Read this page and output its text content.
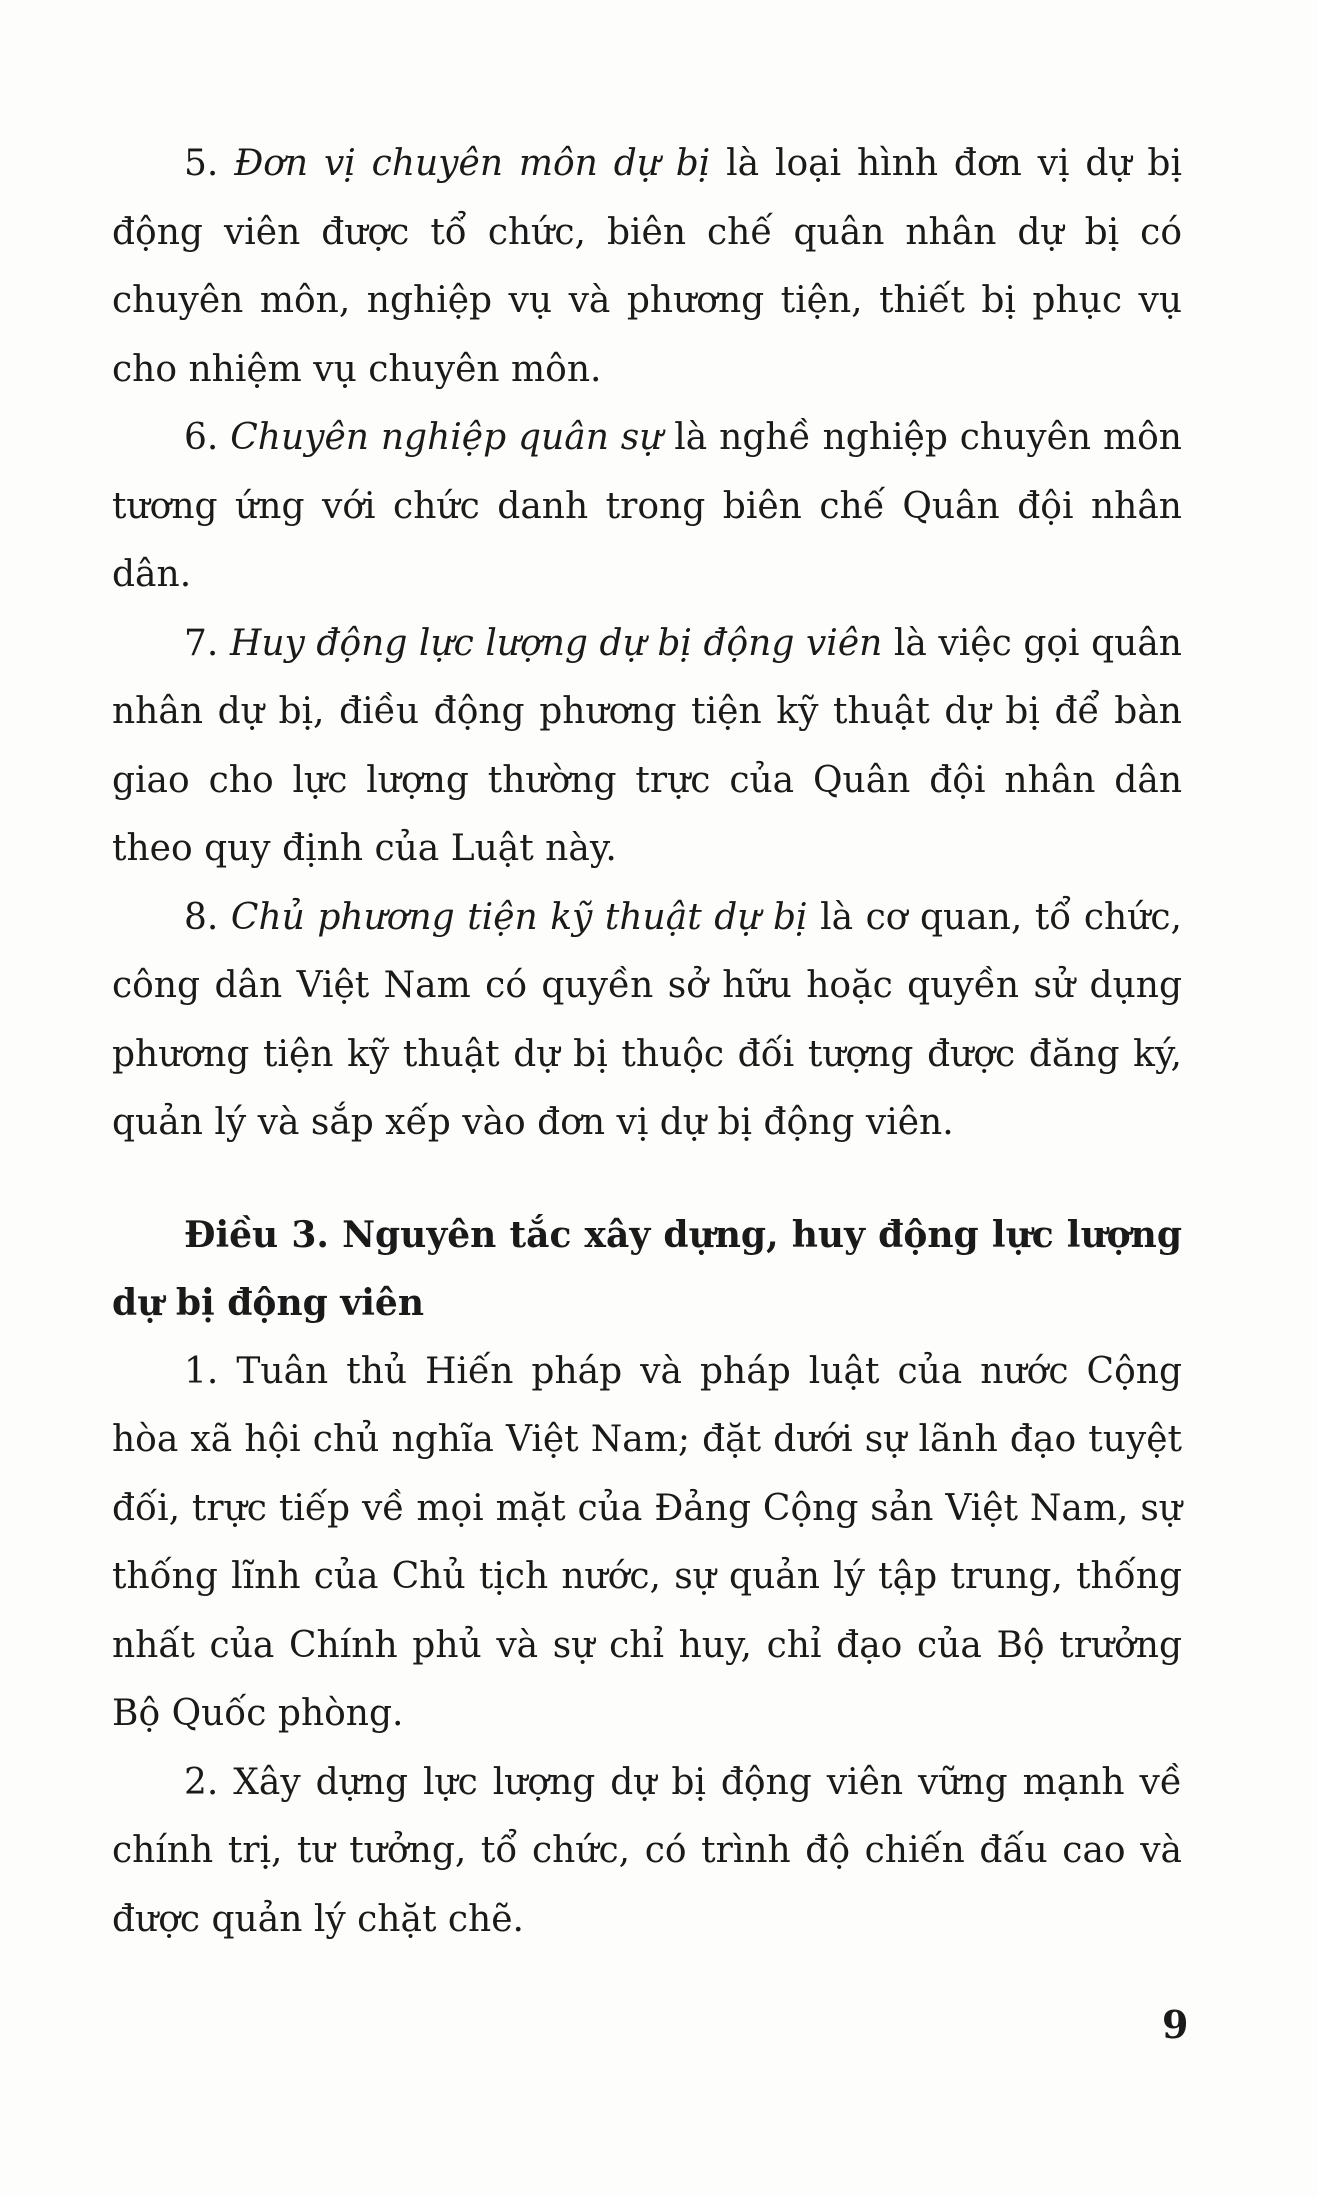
5. Đơn vị chuyên môn dự bị là loại hình đơn vị dự bị động viên được tổ chức, biên chế quân nhân dự bị có chuyên môn, nghiệp vụ và phương tiện, thiết bị phục vụ cho nhiệm vụ chuyên môn.

6. Chuyên nghiệp quân sự là nghề nghiệp chuyên môn tương ứng với chức danh trong biên chế Quân đội nhân dân.

7. Huy động lực lượng dự bị động viên là việc gọi quân nhân dự bị, điều động phương tiện kỹ thuật dự bị để bàn giao cho lực lượng thường trực của Quân đội nhân dân theo quy định của Luật này.

8. Chủ phương tiện kỹ thuật dự bị là cơ quan, tổ chức, công dân Việt Nam có quyền sở hữu hoặc quyền sử dụng phương tiện kỹ thuật dự bị thuộc đối tượng được đăng ký, quản lý và sắp xếp vào đơn vị dự bị động viên.

Điều 3. Nguyên tắc xây dựng, huy động lực lượng dự bị động viên

1. Tuân thủ Hiến pháp và pháp luật của nước Cộng hòa xã hội chủ nghĩa Việt Nam; đặt dưới sự lãnh đạo tuyệt đối, trực tiếp về mọi mặt của Đảng Cộng sản Việt Nam, sự thống lĩnh của Chủ tịch nước, sự quản lý tập trung, thống nhất của Chính phủ và sự chỉ huy, chỉ đạo của Bộ trưởng Bộ Quốc phòng.

2. Xây dựng lực lượng dự bị động viên vững mạnh về chính trị, tư tưởng, tổ chức, có trình độ chiến đấu cao và được quản lý chặt chẽ.

9
